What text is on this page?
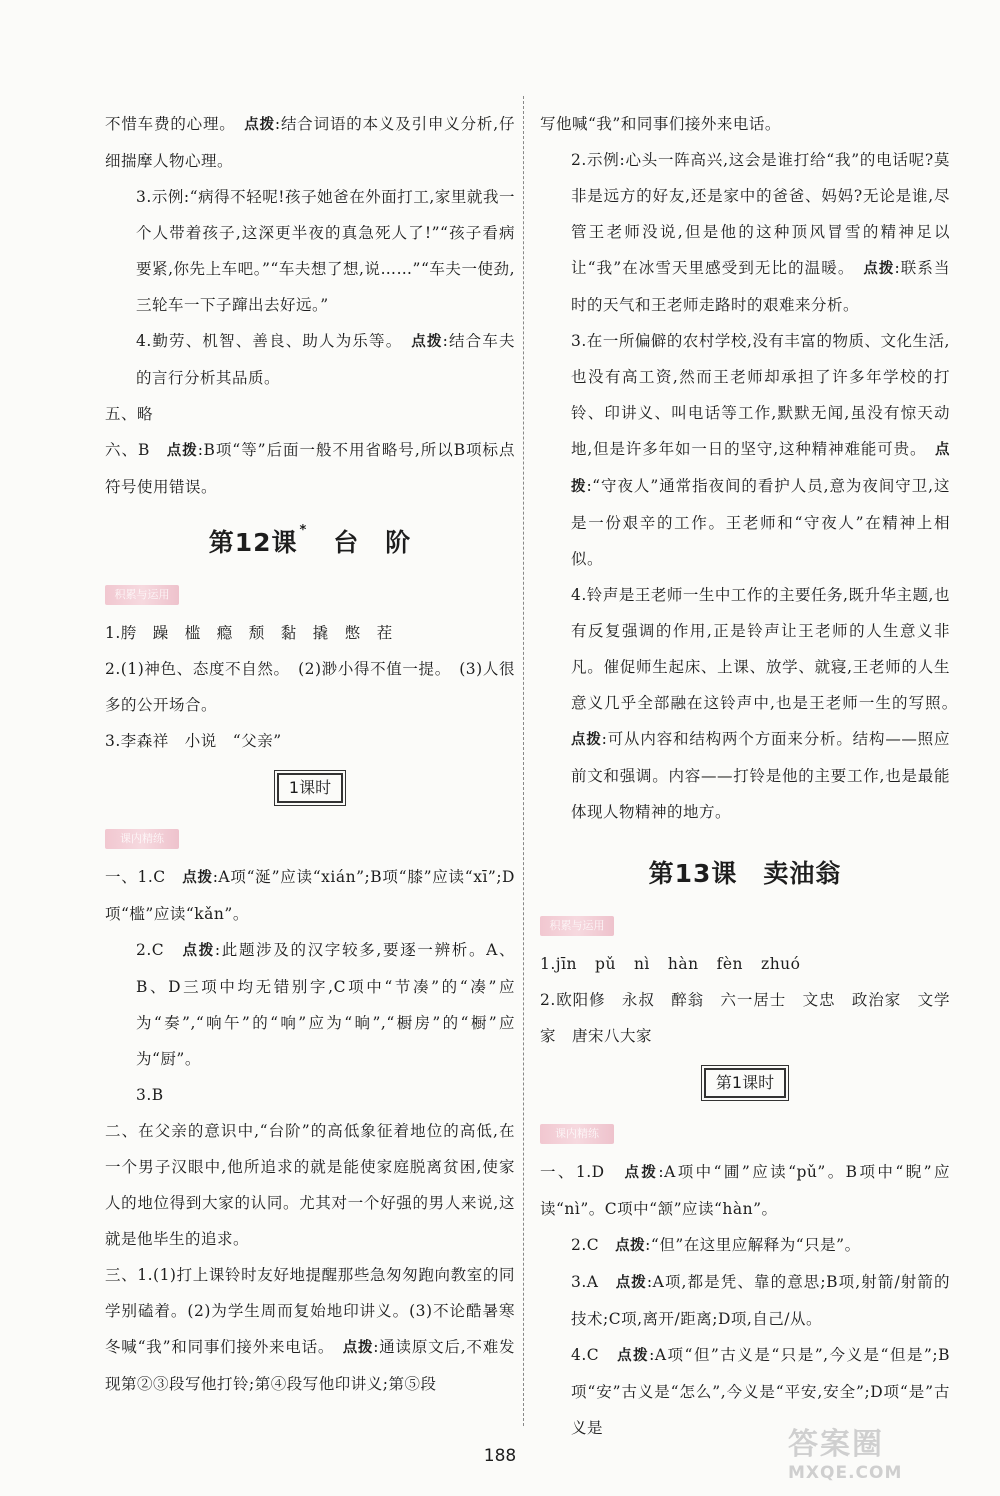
不惜车费的心理。　 点拨:结合词语的本义及引申义分析,仔细揣摩人物心理。

3.示例:“病得不轻呢!孩子她爸在外面打工,家里就我一个人带着孩子,这深更半夜的真急死人了!”“孩子看病要紧,你先上车吧。”“车夫想了想,说……”“车夫一使劲,三轮车一下子蹿出去好远。”

4.勤劳、机智、善良、助人为乐等。　 点拨:结合车夫的言行分析其品质。

五、略

六、B　 点拨:B项“等”后面一般不用省略号,所以B项标点符号使用错误。

第12课 * 台　阶
积累与运用

1.胯　躁　槛　瘾　颓　黏　撬　憋　茬

2.(1)神色、态度不自然。　(2)渺小得不值一提。　(3)人很多的公开场合。

3.李森祥　小说　“父亲”

1课时
课内精练

一、1.C　 点拨:A项“涎”应读“xián”;B项“膝”应读“xī”;D项“槛”应读“kǎn”。

2.C　 点拨:此题涉及的汉字较多,要逐一辨析。A、B、D三项中均无错别字,C项中“节凑”的“凑”应为“奏”,“响午”的“响”应为“晌”,“橱房”的“橱”应为“厨”。

3.B

二、在父亲的意识中,“台阶”的高低象征着地位的高低,在一个男子汉眼中,他所追求的就是能使家庭脱离贫困,使家人的地位得到大家的认同。尤其对一个好强的男人来说,这就是他毕生的追求。

三、1.(1)打上课铃时友好地提醒那些急匆匆跑向教室的同学别磕着。(2)为学生周而复始地印讲义。(3)不论酷暑寒冬喊“我”和同事们接外来电话。　 点拨:通读原文后,不难发现第②③段写他打铃;第④段写他印讲义;第⑤段

写他喊“我”和同事们接外来电话。

2.示例:心头一阵高兴,这会是谁打给“我”的电话呢?莫非是远方的好友,还是家中的爸爸、妈妈?无论是谁,尽管王老师没说,但是他的这种顶风冒雪的精神足以让“我”在冰雪天里感受到无比的温暖。　 点拨:联系当时的天气和王老师走路时的艰难来分析。

3.在一所偏僻的农村学校,没有丰富的物质、文化生活,也没有高工资,然而王老师却承担了许多年学校的打铃、印讲义、叫电话等工作,默默无闻,虽没有惊天动地,但是许多年如一日的坚守,这种精神难能可贵。　 点拨:“守夜人”通常指夜间的看护人员,意为夜间守卫,这是一份艰辛的工作。王老师和“守夜人”在精神上相似。

4.铃声是王老师一生中工作的主要任务,既升华主题,也有反复强调的作用,正是铃声让王老师的人生意义非凡。催促师生起床、上课、放学、就寝,王老师的人生意义几乎全部融在这铃声中,也是王老师一生的写照。　点拨:可从内容和结构两个方面来分析。结构——照应前文和强调。内容——打铃是他的主要工作,也是最能体现人物精神的地方。

第13课 卖油翁
积累与运用

1.jīn pǔ nì hàn fèn zhuó

2.欧阳修　永叔　醉翁　六一居士　文忠　政治家　文学家　唐宋八大家

第1课时
课内精练

一、1.D　 点拨:A项中“圃”应读“pǔ”。B项中“睨”应读“nì”。C项中“颔”应读“hàn”。

2.C　 点拨:“但”在这里应解释为“只是”。

3.A　 点拨:A项,都是凭、靠的意思;B项,射箭/射箭的技术;C项,离开/距离;D项,自己/从。

4.C　 点拨:A项“但”古义是“只是”,今义是“但是”;B项“安”古义是“怎么”,今义是“平安,安全”;D项“是”古义是

188	答案圈
MXQE.COM
